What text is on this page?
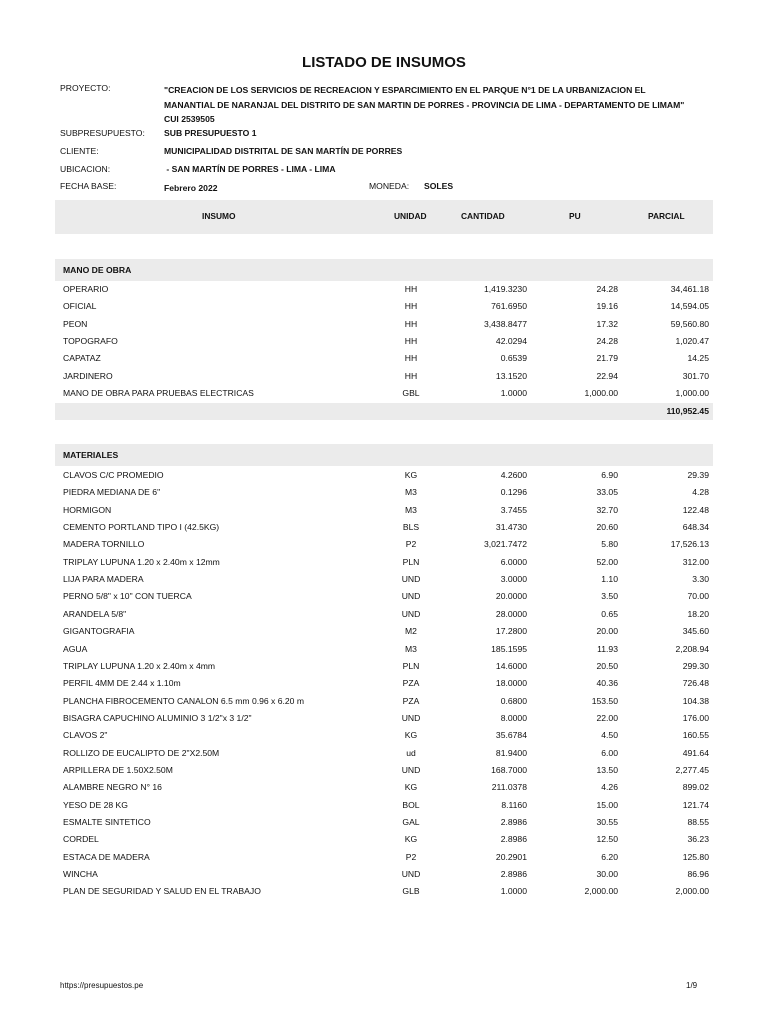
LISTADO DE INSUMOS
PROYECTO:	"CREACION DE LOS SERVICIOS DE RECREACION Y ESPARCIMIENTO EN EL PARQUE N°1 DE LA URBANIZACION EL
MANANTIAL DE NARANJAL DEL DISTRITO DE SAN MARTIN DE PORRES - PROVINCIA DE LIMA - DEPARTAMENTO DE LIMAM"
CUI 2539505
SUBPRESUPUESTO: SUB PRESUPUESTO 1
CLIENTE:	MUNICIPALIDAD DISTRITAL DE SAN MARTÍN DE PORRES
UBICACION:	- SAN MARTÍN DE PORRES - LIMA - LIMA
FECHA BASE:	Febrero 2022	MONEDA: SOLES
INSUMO	UNIDAD	CANTIDAD	PU	PARCIAL
MANO DE OBRA
OPERARIO	HH	1,419.3230	24.28	34,461.18
OFICIAL	HH	761.6950	19.16	14,594.05
PEON	HH	3,438.8477	17.32	59,560.80
TOPOGRAFO	HH	42.0294	24.28	1,020.47
CAPATAZ	HH	0.6539	21.79	14.25
JARDINERO	HH	13.1520	22.94	301.70
MANO DE OBRA PARA PRUEBAS ELECTRICAS	GBL	1.0000	1,000.00	1,000.00
110,952.45
MATERIALES
CLAVOS C/C PROMEDIO	KG	4.2600	6.90	29.39
PIEDRA MEDIANA DE 6"	M3	0.1296	33.05	4.28
HORMIGON	M3	3.7455	32.70	122.48
CEMENTO PORTLAND TIPO I (42.5KG)	BLS	31.4730	20.60	648.34
MADERA TORNILLO	P2	3,021.7472	5.80	17,526.13
TRIPLAY LUPUNA 1.20 x 2.40m x 12mm	PLN	6.0000	52.00	312.00
LIJA PARA MADERA	UND	3.0000	1.10	3.30
PERNO 5/8" x 10" CON TUERCA	UND	20.0000	3.50	70.00
ARANDELA 5/8"	UND	28.0000	0.65	18.20
GIGANTOGRAFIA	M2	17.2800	20.00	345.60
AGUA	M3	185.1595	11.93	2,208.94
TRIPLAY LUPUNA 1.20 x 2.40m x 4mm	PLN	14.6000	20.50	299.30
PERFIL 4MM DE 2.44 x 1.10m	PZA	18.0000	40.36	726.48
PLANCHA FIBROCEMENTO CANALON 6.5 mm 0.96 x 6.20 m	PZA	0.6800	153.50	104.38
BISAGRA CAPUCHINO ALUMINIO 3 1/2"x 3 1/2"	UND	8.0000	22.00	176.00
CLAVOS 2"	KG	35.6784	4.50	160.55
ROLLIZO DE EUCALIPTO DE 2"X2.50M	ud	81.9400	6.00	491.64
ARPILLERA DE 1.50X2.50M	UND	168.7000	13.50	2,277.45
ALAMBRE NEGRO N° 16	KG	211.0378	4.26	899.02
YESO DE 28 KG	BOL	8.1160	15.00	121.74
ESMALTE SINTETICO	GAL	2.8986	30.55	88.55
CORDEL	KG	2.8986	12.50	36.23
ESTACA DE MADERA	P2	20.2901	6.20	125.80
WINCHA	UND	2.8986	30.00	86.96
PLAN DE SEGURIDAD Y SALUD EN EL TRABAJO	GLB	1.0000	2,000.00	2,000.00
https://presupuestos.pe	1/9
